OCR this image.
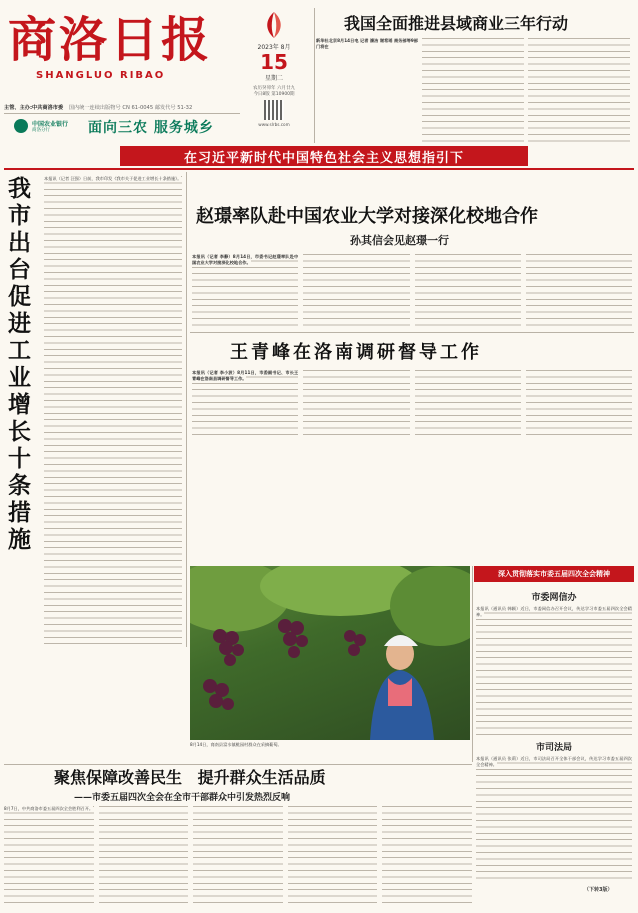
商洛日报
SHANGLUO RIBAO
2023年 8月
15
星期二
农历癸卯年 六月廿九
今日8版 第10900期
www.slrbs.com
主管、主办:中共商洛市委 国内统一连续出版物号 CN 61-0045 邮发代号 51-32
中国农业银行
商洛分行	面向三农 服务城乡
我国全面推进县域商业三年行动
新华社北京8月14日电 记者 潘洁 谢希瑶 商务部等9部门将在
在习近平新时代中国特色社会主义思想指引下
我市出台促进工业增长十条措施
本报讯（记者 汪强）日前，我市印发《我市关于促进工业增长十条措施》。
赵璟率队赴中国农业大学对接深化校地合作
孙其信会见赵璟一行
本报讯（记者 李静）8月14日，市委书记赵璟率队赴中国农业大学对接深化校地合作。
王青峰在洛南调研督导工作
本报讯（记者 李小波）8月11日，市委副书记、市长王青峰在洛南县调研督导工作。
8月14日，商南县富水镇桃园村群众在采摘葡萄。
深入贯彻落实市委五届四次全会精神
市委网信办
本报讯（通讯员 韩颖）近日，市委网信办召开会议，传达学习市委五届四次全会精神。
市司法局
本报讯（通讯员 张莉）近日，市司法局召开全体干部会议，传达学习市委五届四次全会精神。
（下转3版）
聚焦保障改善民生 提升群众生活品质
——市委五届四次全会在全市干部群众中引发热烈反响
8月7日，中共商洛市委五届四次全会胜利召开。
